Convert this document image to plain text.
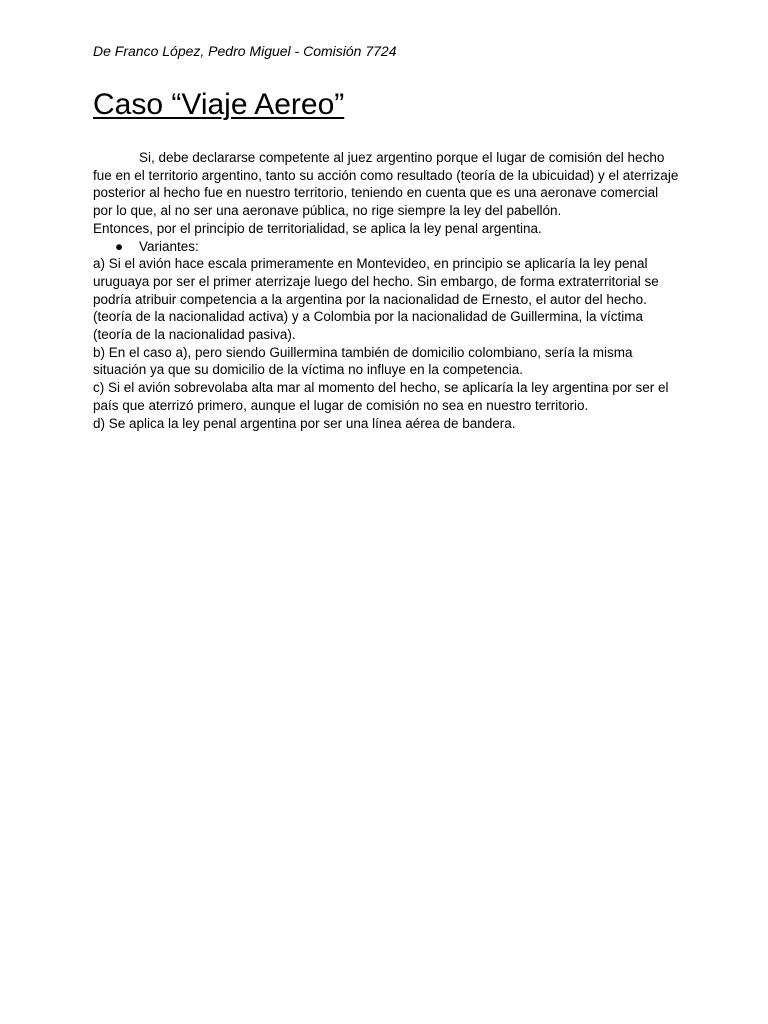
De Franco López, Pedro Miguel - Comisión 7724
Caso “Viaje Aereo”

Si, debe declararse competente al juez argentino porque el lugar de comisión del hecho fue en el territorio argentino, tanto su acción como resultado (teoría de la ubicuidad) y el aterrizaje posterior al hecho fue en nuestro territorio, teniendo en cuenta que es una aeronave comercial por lo que, al no ser una aeronave pública, no rige siempre la ley del pabellón.

Entonces, por el principio de territorialidad, se aplica la ley penal argentina.

● Variantes:

a) Si el avión hace escala primeramente en Montevideo, en principio se aplicaría la ley penal uruguaya por ser el primer aterrizaje luego del hecho. Sin embargo, de forma extraterritorial se podría atribuir competencia a la argentina por la nacionalidad de Ernesto, el autor del hecho. (teoría de la nacionalidad activa) y a Colombia por la nacionalidad de Guillermina, la víctima (teoría de la nacionalidad pasiva).

b) En el caso a), pero siendo Guillermina también de domicilio colombiano, sería la misma situación ya que su domicilio de la víctima no influye en la competencia.

c) Si el avión sobrevolaba alta mar al momento del hecho, se aplicaría la ley argentina por ser el país que aterrizó primero, aunque el lugar de comisión no sea en nuestro territorio.

d) Se aplica la ley penal argentina por ser una línea aérea de bandera.
